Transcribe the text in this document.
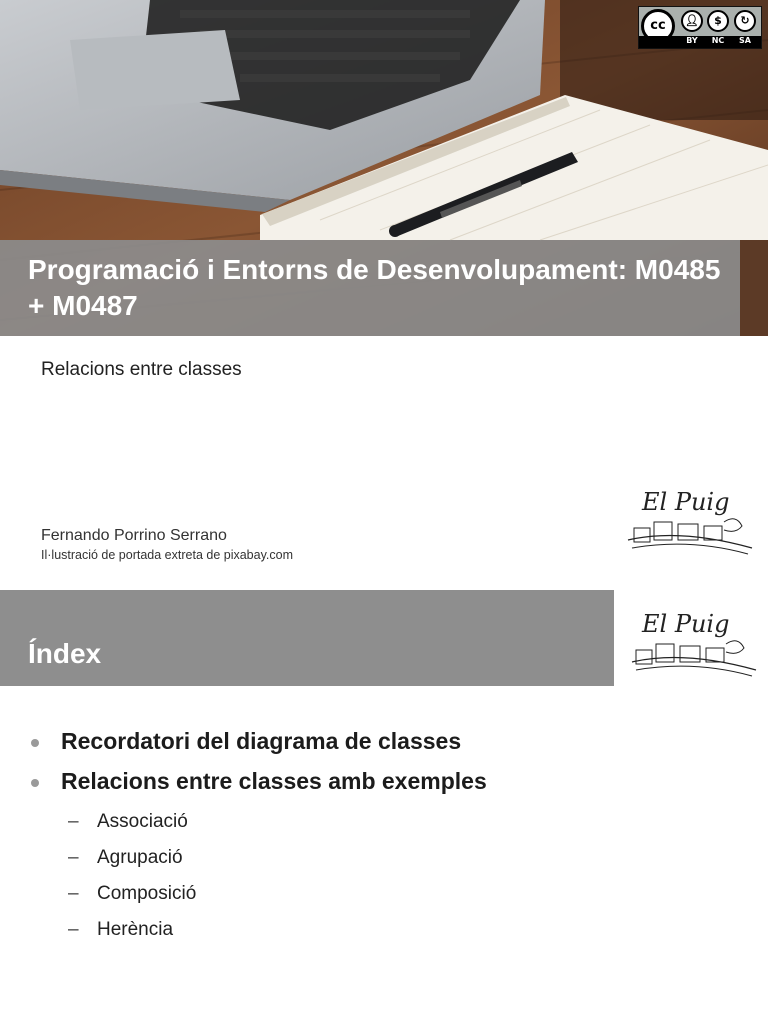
cc	👤︎	$	↻
BY	NC	SA
Programació i Entorns de Desenvolupament: M0485 + M0487
Relacions entre classes
Fernando Porrino Serrano
Il·lustració de portada extreta de pixabay.com
El Puig
Índex
El Puig
Recordatori del diagrama de classes
Relacions entre classes amb exemples
– Associació
– Agrupació
– Composició
– Herència
